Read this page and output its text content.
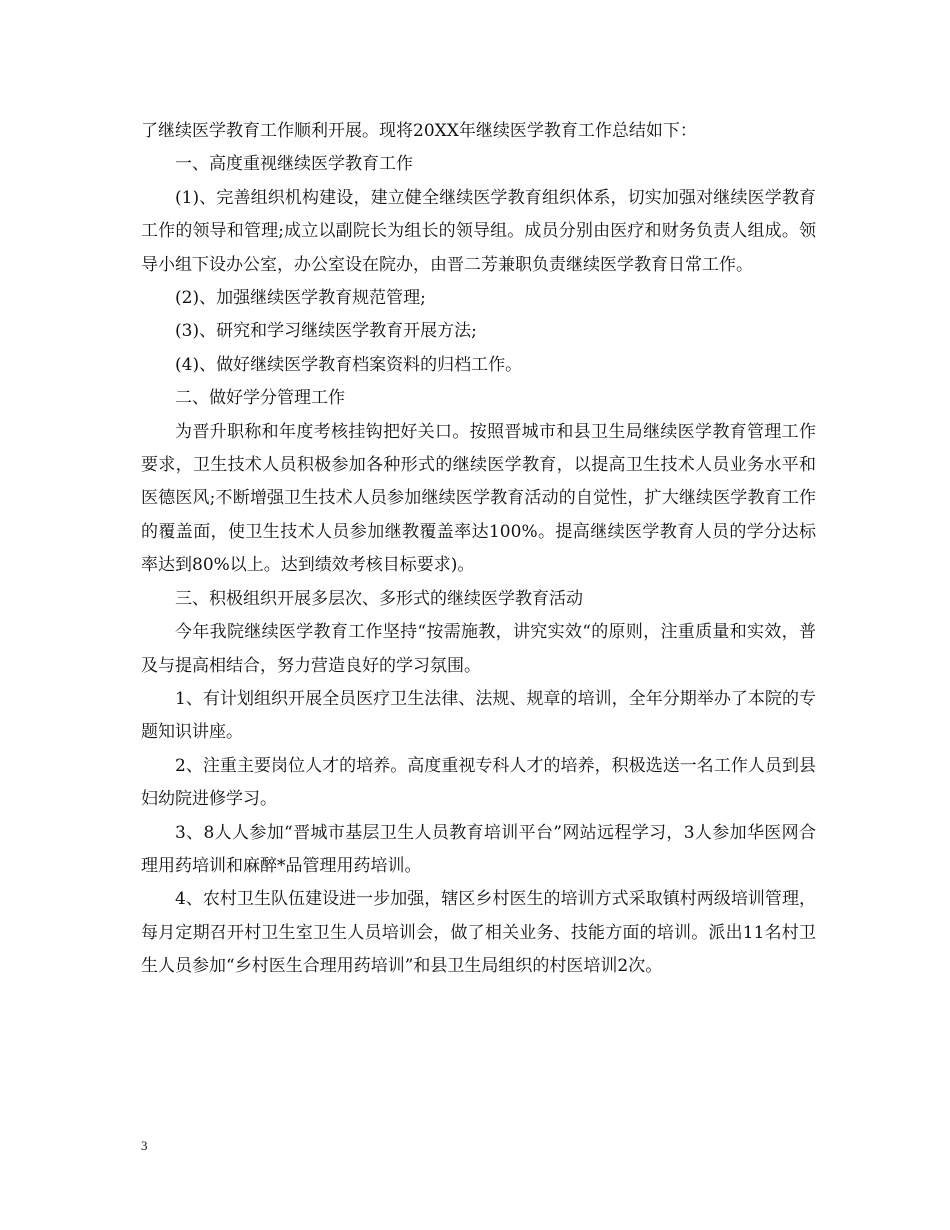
了继续医学教育工作顺利开展。现将20XX年继续医学教育工作总结如下：

一、高度重视继续医学教育工作

(1)、完善组织机构建设，建立健全继续医学教育组织体系，切实加强对继续医学教育工作的领导和管理;成立以副院长为组长的领导组。成员分别由医疗和财务负责人组成。领导小组下设办公室，办公室设在院办，由晋二芳兼职负责继续医学教育日常工作。

(2)、加强继续医学教育规范管理;

(3)、研究和学习继续医学教育开展方法;

(4)、做好继续医学教育档案资料的归档工作。

二、做好学分管理工作

为晋升职称和年度考核挂钩把好关口。按照晋城市和县卫生局继续医学教育管理工作要求，卫生技术人员积极参加各种形式的继续医学教育，以提高卫生技术人员业务水平和医德医风;不断增强卫生技术人员参加继续医学教育活动的自觉性，扩大继续医学教育工作的覆盖面，使卫生技术人员参加继教覆盖率达100%。提高继续医学教育人员的学分达标率达到80%以上。达到绩效考核目标要求)。

三、积极组织开展多层次、多形式的继续医学教育活动

今年我院继续医学教育工作坚持“按需施教，讲究实效“的原则，注重质量和实效，普及与提高相结合，努力营造良好的学习氛围。

1、有计划组织开展全员医疗卫生法律、法规、规章的培训，全年分期举办了本院的专题知识讲座。

2、注重主要岗位人才的培养。高度重视专科人才的培养，积极选送一名工作人员到县妇幼院进修学习。

3、8人人参加“晋城市基层卫生人员教育培训平台”网站远程学习，3人参加华医网合理用药培训和麻醉*品管理用药培训。

4、农村卫生队伍建设进一步加强，辖区乡村医生的培训方式采取镇村两级培训管理，每月定期召开村卫生室卫生人员培训会，做了相关业务、技能方面的培训。派出11名村卫生人员参加“乡村医生合理用药培训”和县卫生局组织的村医培训2次。

3
